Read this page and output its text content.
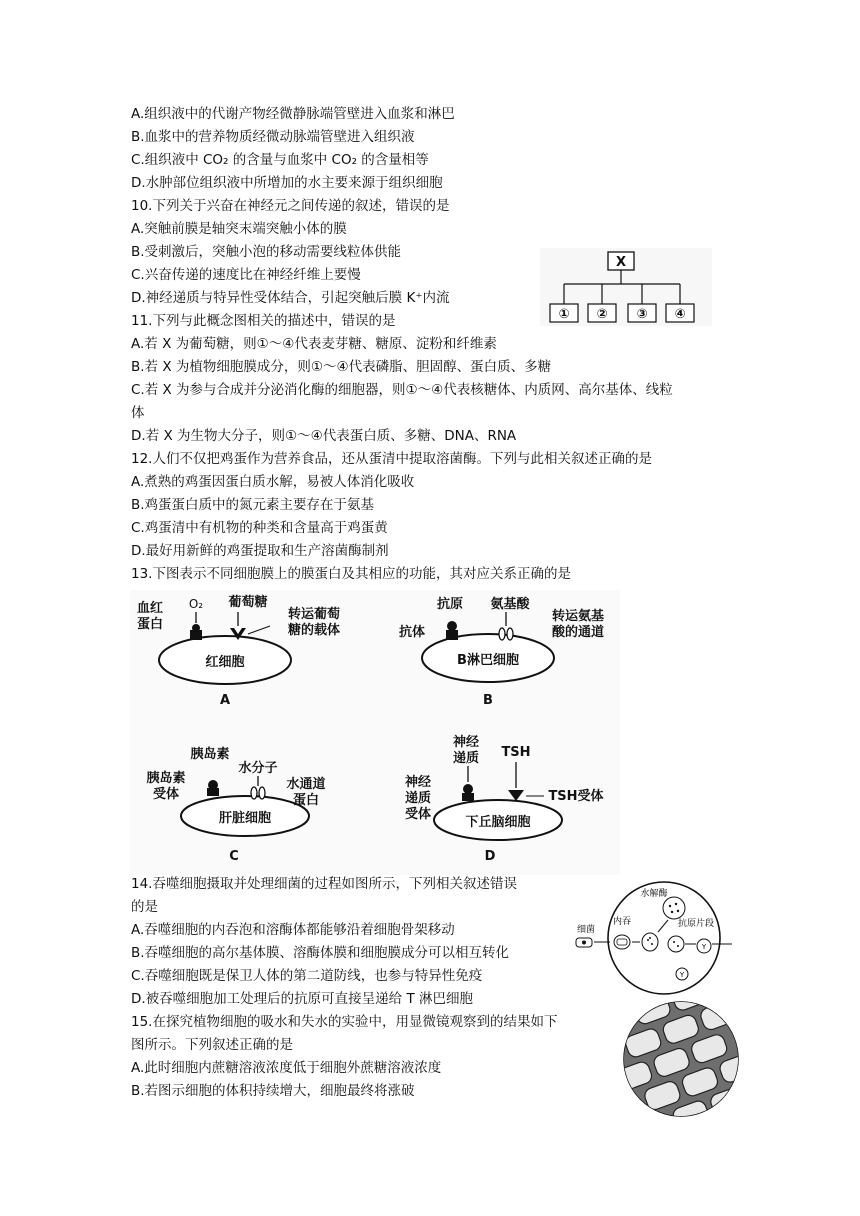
A.组织液中的代谢产物经微静脉端管壁进入血浆和淋巴
B.血浆中的营养物质经微动脉端管壁进入组织液
C.组织液中 CO₂ 的含量与血浆中 CO₂ 的含量相等
D.水肿部位组织液中所增加的水主要来源于组织细胞
10.下列关于兴奋在神经元之间传递的叙述，错误的是
A.突触前膜是轴突末端突触小体的膜
B.受刺激后，突触小泡的移动需要线粒体供能
C.兴奋传递的速度比在神经纤维上要慢
D.神经递质与特异性受体结合，引起突触后膜 K⁺内流
11.下列与此概念图相关的描述中，错误的是
A.若 X 为葡萄糖，则①～④代表麦芽糖、糖原、淀粉和纤维素
B.若 X 为植物细胞膜成分，则①～④代表磷脂、胆固醇、蛋白质、多糖
C.若 X 为参与合成并分泌消化酶的细胞器，则①～④代表核糖体、内质网、高尔基体、线粒
体
D.若 X 为生物大分子，则①～④代表蛋白质、多糖、DNA、RNA
12.人们不仅把鸡蛋作为营养食品，还从蛋清中提取溶菌酶。下列与此相关叙述正确的是
A.煮熟的鸡蛋因蛋白质水解，易被人体消化吸收
B.鸡蛋蛋白质中的氮元素主要存在于氨基
C.鸡蛋清中有机物的种类和含量高于鸡蛋黄
D.最好用新鲜的鸡蛋提取和生产溶菌酶制剂
13.下图表示不同细胞膜上的膜蛋白及其相应的功能，其对应关系正确的是
X
① ② ③ ④
红细胞
O₂
血红
蛋白
葡萄糖
转运葡萄
糖的载体
A
B淋巴细胞
抗原
抗体
氨基酸
转运氨基
酸的通道
B
肝脏细胞
胰岛素
胰岛素
受体
水分子
水通道
蛋白
C
下丘脑细胞
神经
递质
神经
递质
受体
TSH
TSH受体
D
14.吞噬细胞摄取并处理细菌的过程如图所示，下列相关叙述错误
的是
A.吞噬细胞的内吞泡和溶酶体都能够沿着细胞骨架移动
B.吞噬细胞的高尔基体膜、溶酶体膜和细胞膜成分可以相互转化
C.吞噬细胞既是保卫人体的第二道防线，也参与特异性免疫
D.被吞噬细胞加工处理后的抗原可直接呈递给 T 淋巴细胞
15.在探究植物细胞的吸水和失水的实验中，用显微镜观察到的结果如下
图所示。下列叙述正确的是
A.此时细胞内蔗糖溶液浓度低于细胞外蔗糖溶液浓度
B.若图示细胞的体积持续增大，细胞最终将涨破
细菌
内吞
水解酶
抗原片段
Y
Y
